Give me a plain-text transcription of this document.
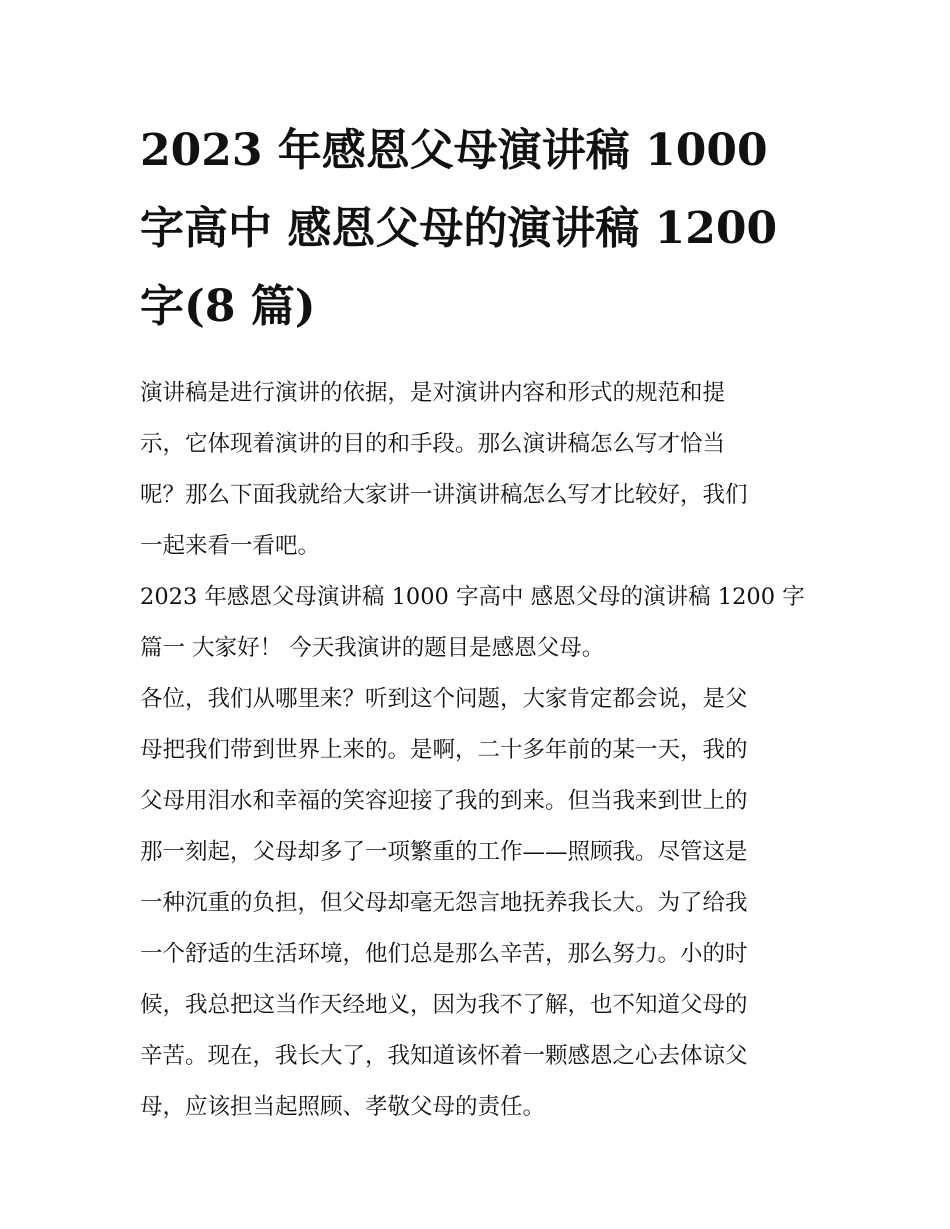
2023 年感恩父母演讲稿 1000
字高中 感恩父母的演讲稿 1200
字(8 篇)

演讲稿是进行演讲的依据，是对演讲内容和形式的规范和提
示，它体现着演讲的目的和手段。那么演讲稿怎么写才恰当
呢？那么下面我就给大家讲一讲演讲稿怎么写才比较好，我们
一起来看一看吧。

2023 年感恩父母演讲稿 1000 字高中 感恩父母的演讲稿 1200 字
篇一 大家好！ 今天我演讲的题目是感恩父母。

各位，我们从哪里来？听到这个问题，大家肯定都会说，是父
母把我们带到世界上来的。是啊，二十多年前的某一天，我的
父母用泪水和幸福的笑容迎接了我的到来。但当我来到世上的
那一刻起，父母却多了一项繁重的工作——照顾我。尽管这是
一种沉重的负担，但父母却毫无怨言地抚养我长大。为了给我
一个舒适的生活环境，他们总是那么辛苦，那么努力。小的时
候，我总把这当作天经地义，因为我不了解，也不知道父母的
辛苦。现在，我长大了，我知道该怀着一颗感恩之心去体谅父
母，应该担当起照顾、孝敬父母的责任。
